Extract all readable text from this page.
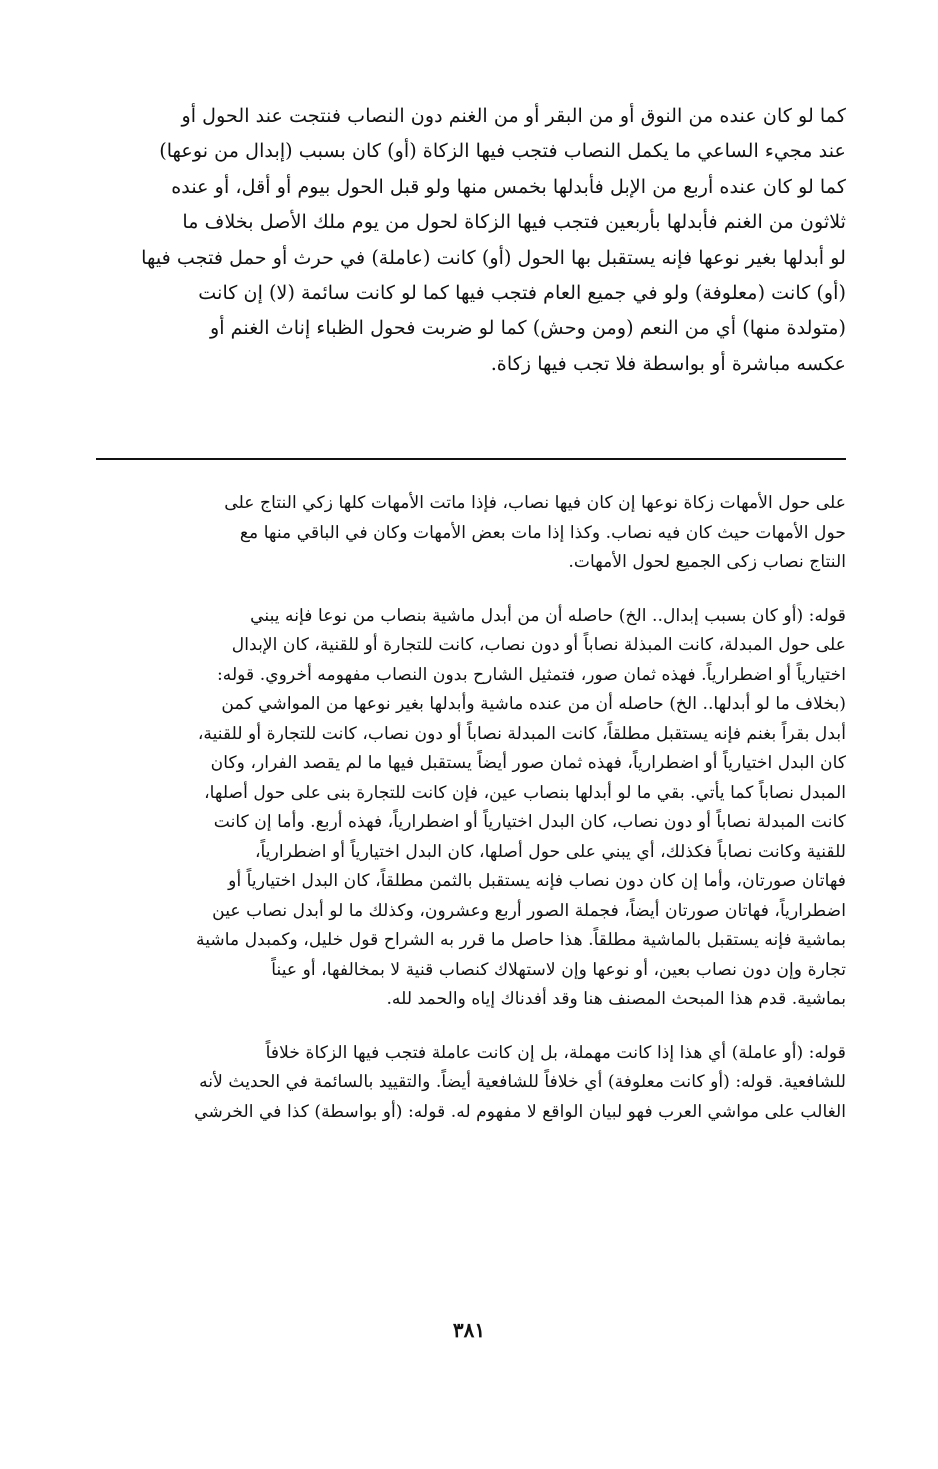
كما لو كان عنده من النوق أو من البقر أو من الغنم دون النصاب فنتجت عند الحول أو
عند مجيء الساعي ما يكمل النصاب فتجب فيها الزكاة (أو) كان بسبب (إبدال من نوعها)
كما لو كان عنده أربع من الإبل فأبدلها بخمس منها ولو قبل الحول بيوم أو أقل، أو عنده
ثلاثون من الغنم فأبدلها بأربعين فتجب فيها الزكاة لحول من يوم ملك الأصل بخلاف ما
لو أبدلها بغير نوعها فإنه يستقبل بها الحول (أو) كانت (عاملة) في حرث أو حمل فتجب فيها
(أو) كانت (معلوفة) ولو في جميع العام فتجب فيها كما لو كانت سائمة (لا) إن كانت
(متولدة منها) أي من النعم (ومن وحش) كما لو ضربت فحول الظباء إناث الغنم أو
عكسه مباشرة أو بواسطة فلا تجب فيها زكاة.
على حول الأمهات زكاة نوعها إن كان فيها نصاب، فإذا ماتت الأمهات كلها زكي النتاج على
حول الأمهات حيث كان فيه نصاب. وكذا إذا مات بعض الأمهات وكان في الباقي منها مع
النتاج نصاب زكى الجميع لحول الأمهات.
قوله: (أو كان بسبب إبدال.. الخ) حاصله أن من أبدل ماشية بنصاب من نوعا فإنه يبني
على حول المبدلة، كانت المبذلة نصاباً أو دون نصاب، كانت للتجارة أو للقنية، كان الإبدال
اختيارياً أو اضطرارياً. فهذه ثمان صور، فتمثيل الشارح بدون النصاب مفهومه أخروي. قوله:
(بخلاف ما لو أبدلها.. الخ) حاصله أن من عنده ماشية وأبدلها بغير نوعها من المواشي كمن
أبدل بقراً بغنم فإنه يستقبل مطلقاً، كانت المبدلة نصاباً أو دون نصاب، كانت للتجارة أو للقنية،
كان البدل اختيارياً أو اضطرارياً، فهذه ثمان صور أيضاً يستقبل فيها ما لم يقصد الفرار، وكان
المبدل نصاباً كما يأتي. بقي ما لو أبدلها بنصاب عين، فإن كانت للتجارة بنى على حول أصلها،
كانت المبدلة نصاباً أو دون نصاب، كان البدل اختيارياً أو اضطرارياً، فهذه أربع. وأما إن كانت
للقنية وكانت نصاباً فكذلك، أي يبني على حول أصلها، كان البدل اختيارياً أو اضطرارياً،
فهاتان صورتان، وأما إن كان دون نصاب فإنه يستقبل بالثمن مطلقاً، كان البدل اختيارياً أو
اضطرارياً، فهاتان صورتان أيضاً، فجملة الصور أربع وعشرون، وكذلك ما لو أبدل نصاب عين
بماشية فإنه يستقبل بالماشية مطلقاً. هذا حاصل ما قرر به الشراح قول خليل، وكمبدل ماشية
تجارة وإن دون نصاب بعين، أو نوعها وإن لاستهلاك كنصاب قنية لا بمخالفها، أو عيناً
بماشية. قدم هذا المبحث المصنف هنا وقد أفدناك إياه والحمد لله.
قوله: (أو عاملة) أي هذا إذا كانت مهملة، بل إن كانت عاملة فتجب فيها الزكاة خلافاً
للشافعية. قوله: (أو كانت معلوفة) أي خلافاً للشافعية أيضاً. والتقييد بالسائمة في الحديث لأنه
الغالب على مواشي العرب فهو لبيان الواقع لا مفهوم له. قوله: (أو بواسطة) كذا في الخرشي
٣٨١
